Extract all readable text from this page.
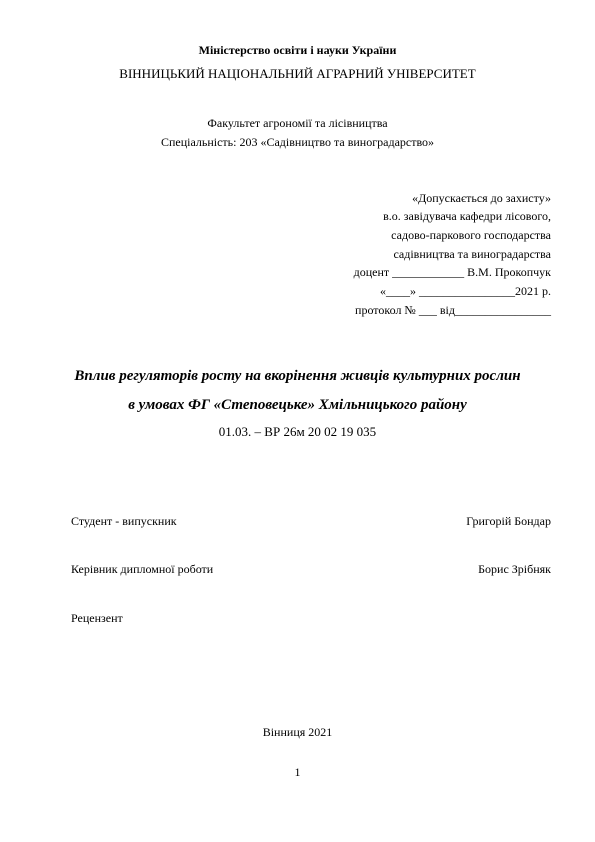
Міністерство освіти і науки України
ВІННИЦЬКИЙ НАЦІОНАЛЬНИЙ АГРАРНИЙ УНІВЕРСИТЕТ
Факультет агрономії та лісівництва
Спеціальність: 203 «Садівництво та виноградарство»
«Допускається до захисту»
в.о. завідувача кафедри лісового,
садово-паркового господарства
садівництва та виноградарства
доцент ____________ В.М. Прокопчук
«____» ________________2021 р.
протокол № ___ від________________
Вплив регуляторів росту на вкорінення живців культурних рослин
в умовах ФГ «Степовецьке» Хмільницького району
01.03. – ВР 26м 20 02 19 035
Студент - випускник	Григорій Бондар
Керівник дипломної роботи	Борис Зрібняк
Рецензент
Вінниця 2021
1
